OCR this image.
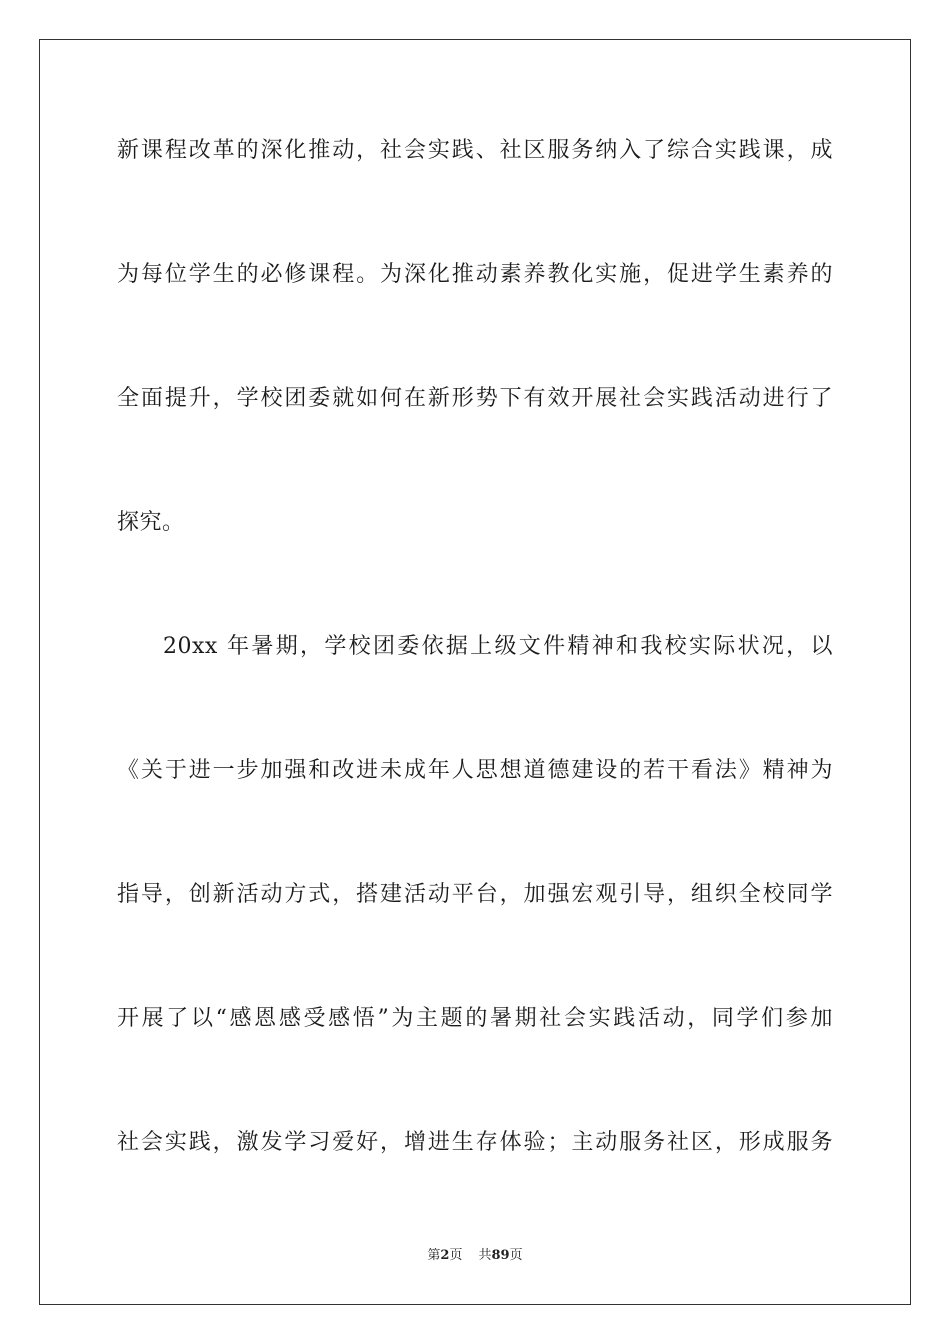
新课程改革的深化推动，社会实践、社区服务纳入了综合实践课，成
为每位学生的必修课程。为深化推动素养教化实施，促进学生素养的
全面提升，学校团委就如何在新形势下有效开展社会实践活动进行了
探究。
20xx 年暑期，学校团委依据上级文件精神和我校实际状况，以
《关于进一步加强和改进未成年人思想道德建设的若干看法》精神为
指导，创新活动方式，搭建活动平台，加强宏观引导，组织全校同学
开展了以“感恩感受感悟”为主题的暑期社会实践活动，同学们参加
社会实践，激发学习爱好，增进生存体验；主动服务社区，形成服务
第2页 共89页
